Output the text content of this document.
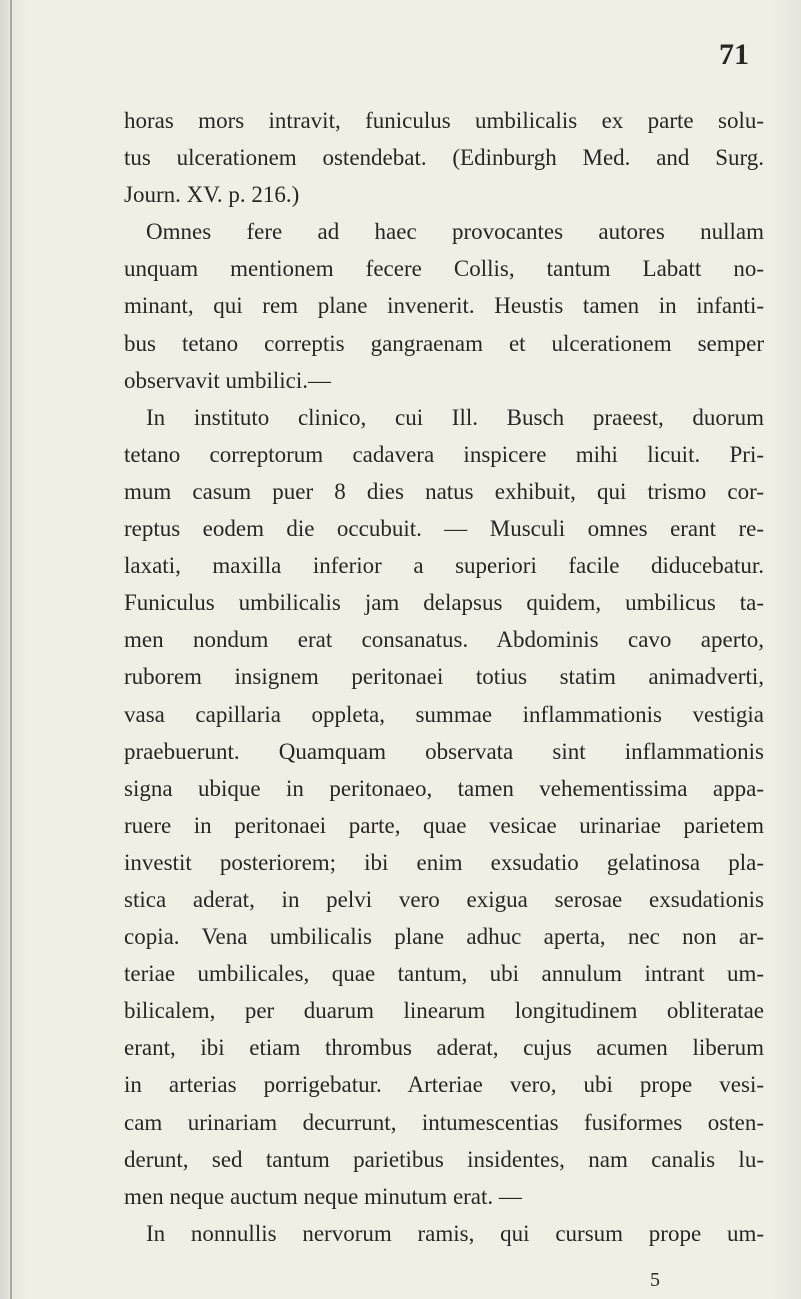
71
horas mors intravit, funiculus umbilicalis ex parte solu-
tus ulcerationem ostendebat. (Edinburgh Med. and Surg.
Journ. XV. p. 216.)
Omnes fere ad haec provocantes autores nullam
unquam mentionem fecere Collis, tantum Labatt no-
minant, qui rem plane invenerit. Heustis tamen in infanti-
bus tetano correptis gangraenam et ulcerationem semper
observavit umbilici.—
In instituto clinico, cui Ill. Busch praeest, duorum
tetano correptorum cadavera inspicere mihi licuit. Pri-
mum casum puer 8 dies natus exhibuit, qui trismo cor-
reptus eodem die occubuit. — Musculi omnes erant re-
laxati, maxilla inferior a superiori facile diducebatur.
Funiculus umbilicalis jam delapsus quidem, umbilicus ta-
men nondum erat consanatus. Abdominis cavo aperto,
ruborem insignem peritonaei totius statim animadverti,
vasa capillaria oppleta, summae inflammationis vestigia
praebuerunt. Quamquam observata sint inflammationis
signa ubique in peritonaeo, tamen vehementissima appa-
ruere in peritonaei parte, quae vesicae urinariae parietem
investit posteriorem; ibi enim exsudatio gelatinosa pla-
stica aderat, in pelvi vero exigua serosae exsudationis
copia. Vena umbilicalis plane adhuc aperta, nec non ar-
teriae umbilicales, quae tantum, ubi annulum intrant um-
bilicalem, per duarum linearum longitudinem obliteratae
erant, ibi etiam thrombus aderat, cujus acumen liberum
in arterias porrigebatur. Arteriae vero, ubi prope vesi-
cam urinariam decurrunt, intumescentias fusiformes osten-
derunt, sed tantum parietibus insidentes, nam canalis lu-
men neque auctum neque minutum erat. —
In nonnullis nervorum ramis, qui cursum prope um-
5
